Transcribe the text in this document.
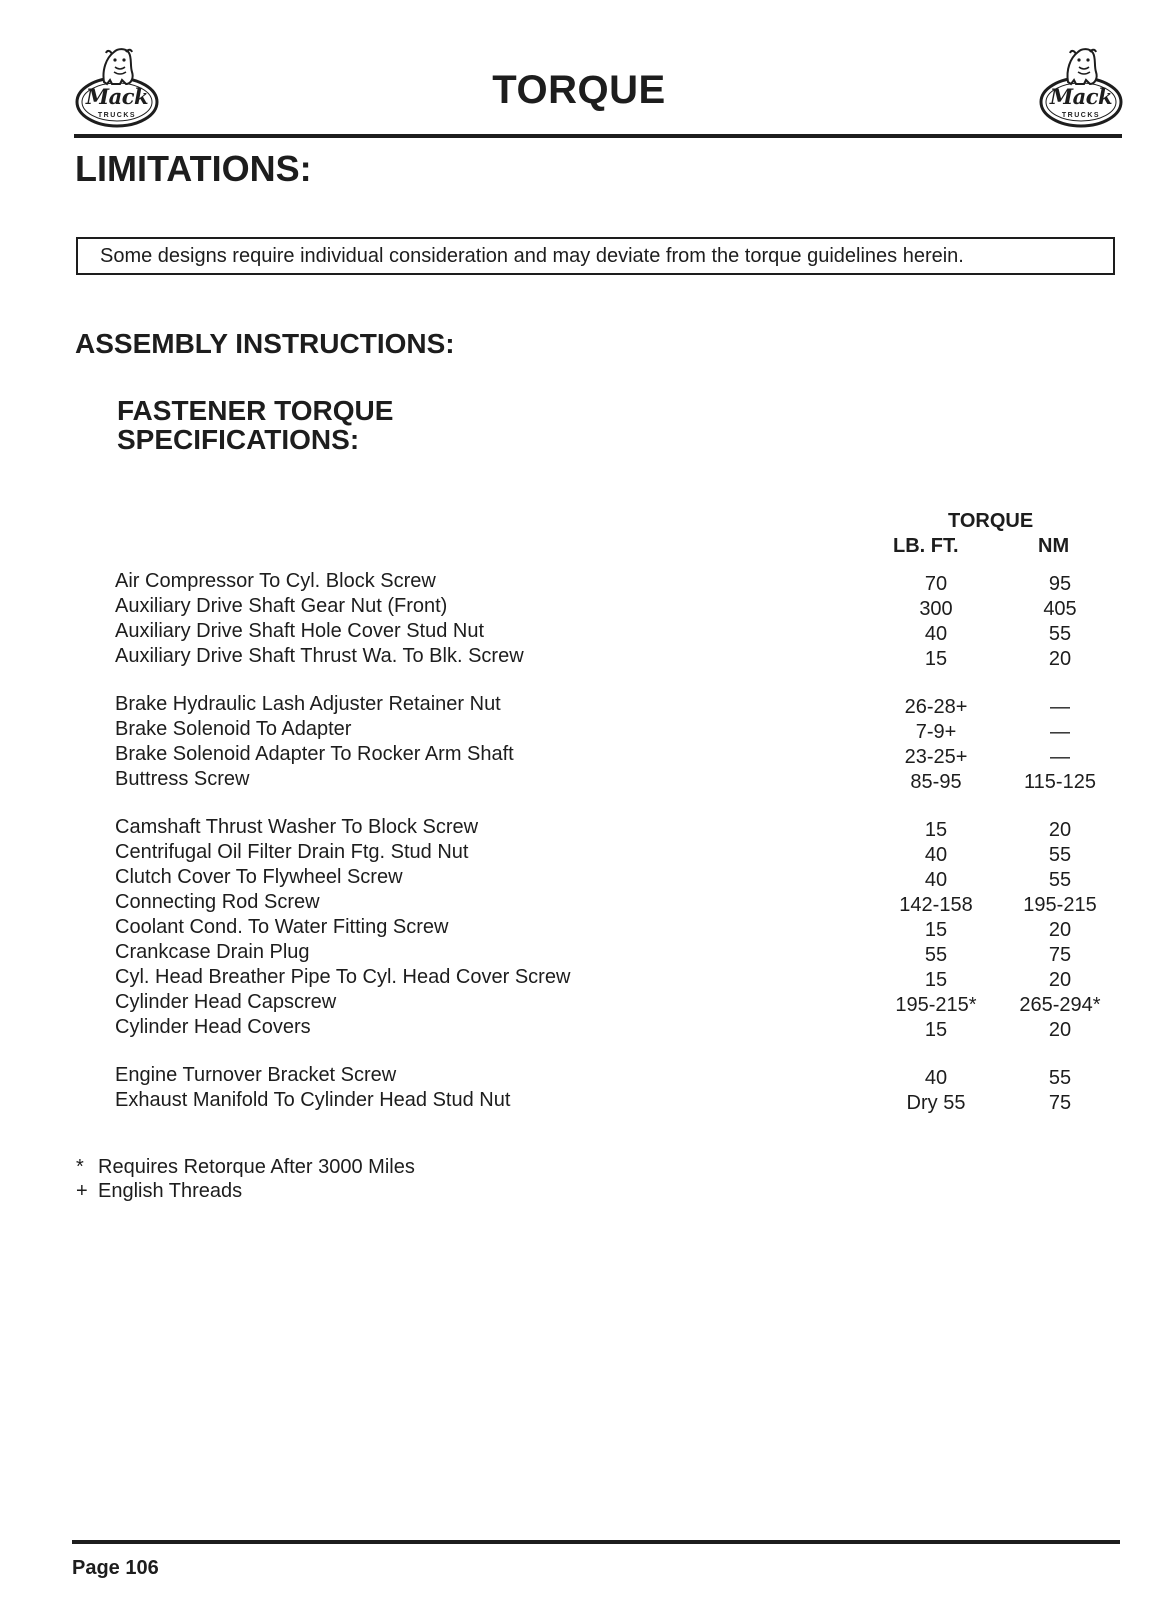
Mack
TRUCKS
TORQUE	Mack
TRUCKS
LIMITATIONS:
Some designs require individual consideration and may deviate from the torque guidelines herein.
ASSEMBLY INSTRUCTIONS:
FASTENER TORQUE
SPECIFICATIONS:
TORQUE
LB. FT.	NM
Air Compressor To Cyl. Block Screw	70	95
Auxiliary Drive Shaft Gear Nut (Front)	300	405
Auxiliary Drive Shaft Hole Cover Stud Nut	40	55
Auxiliary Drive Shaft Thrust Wa. To Blk. Screw	15	20
Brake Hydraulic Lash Adjuster Retainer Nut	26-28+	—
Brake Solenoid To Adapter	7-9+	—
Brake Solenoid Adapter To Rocker Arm Shaft	23-25+	—
Buttress Screw	85-95	115-125
Camshaft Thrust Washer To Block Screw	15	20
Centrifugal Oil Filter Drain Ftg. Stud Nut	40	55
Clutch Cover To Flywheel Screw	40	55
Connecting Rod Screw	142-158	195-215
Coolant Cond. To Water Fitting Screw	15	20
Crankcase Drain Plug	55	75
Cyl. Head Breather Pipe To Cyl. Head Cover Screw	15	20
Cylinder Head Capscrew	195-215*	265-294*
Cylinder Head Covers	15	20
Engine Turnover Bracket Screw	40	55
Exhaust Manifold To Cylinder Head Stud Nut	Dry 55	75
* Requires Retorque After 3000 Miles
+ English Threads
Page 106
